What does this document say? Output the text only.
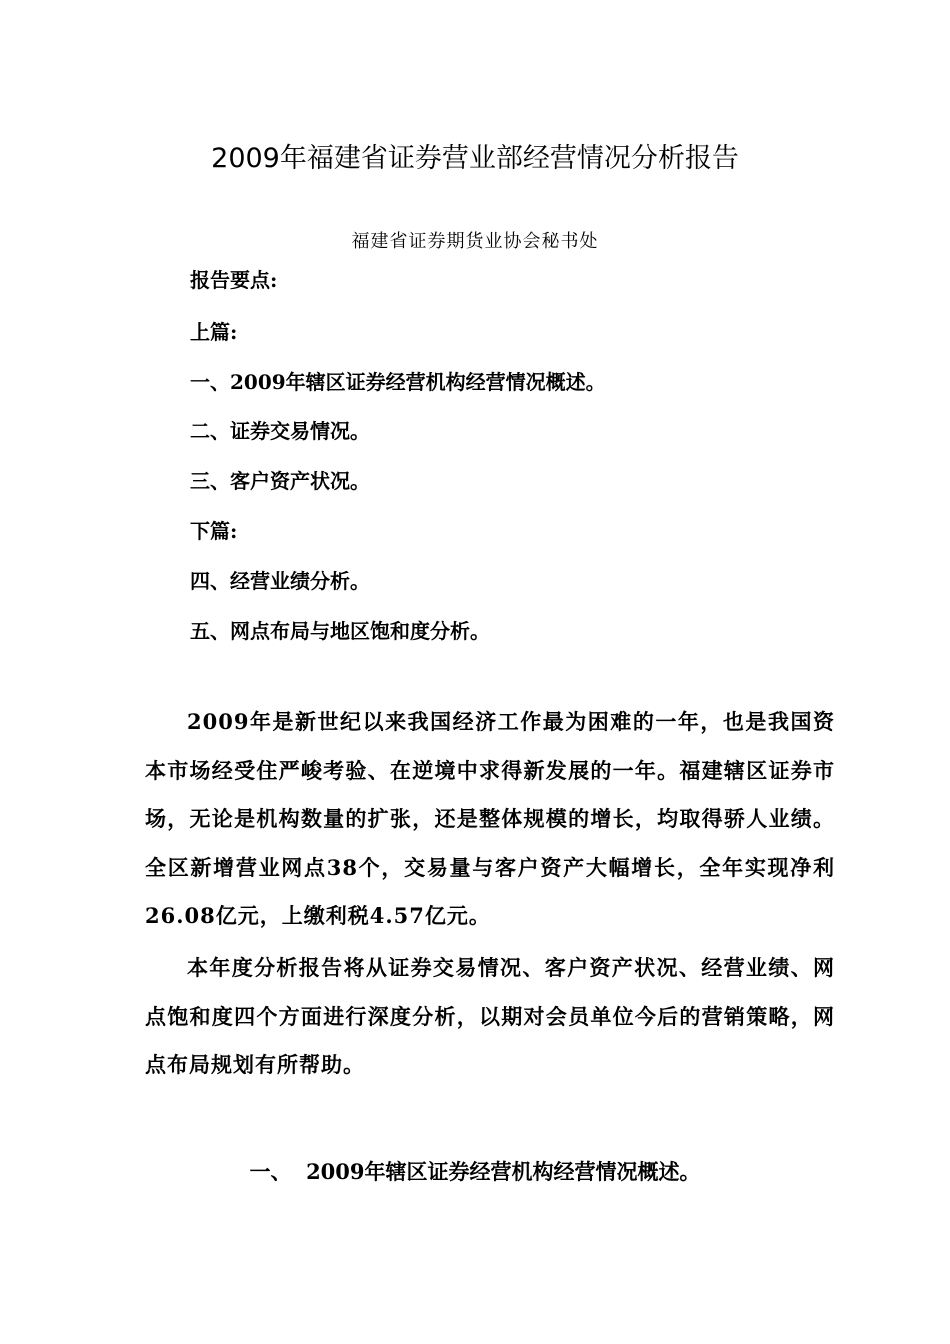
2009年福建省证券营业部经营情况分析报告
福建省证券期货业协会秘书处
报告要点:
上篇:
一、2009年辖区证券经营机构经营情况概述。
二、证券交易情况。
三、客户资产状况。
下篇:
四、经营业绩分析。
五、网点布局与地区饱和度分析。
2009年是新世纪以来我国经济工作最为困难的一年，也是我国资本市场经受住严峻考验、在逆境中求得新发展的一年。福建辖区证券市场，无论是机构数量的扩张，还是整体规模的增长，均取得骄人业绩。全区新增营业网点38个，交易量与客户资产大幅增长，全年实现净利26.08亿元，上缴利税4.57亿元。
本年度分析报告将从证券交易情况、客户资产状况、经营业绩、网点饱和度四个方面进行深度分析，以期对会员单位今后的营销策略，网点布局规划有所帮助。
一、  2009年辖区证券经营机构经营情况概述。
